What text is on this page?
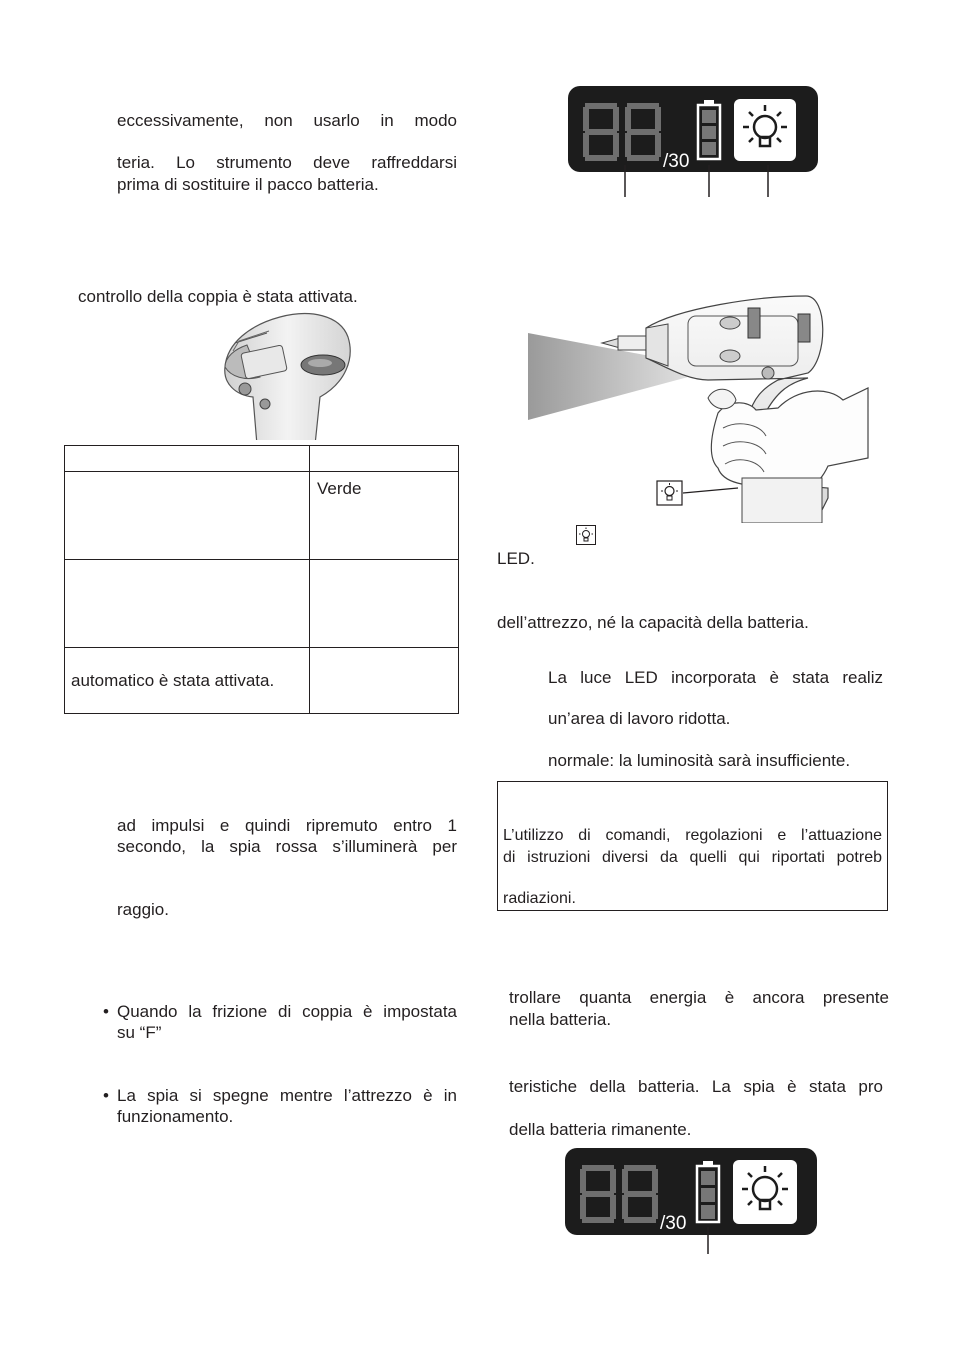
eccessivamente, non usarlo in modo
teria. Lo strumento deve raffreddarsi
prima di sostituire il pacco batteria.
controllo della coppia è stata attivata.

	Verde

automatico è stata attivata.	
ad impulsi e quindi ripremuto entro 1
secondo, la spia rossa s’illuminerà per
raggio.
• Quando la frizione di coppia è impostata
su “F”
• La spia si spegne mentre l’attrezzo è in
funzionamento.
/30
LED.
dell’attrezzo, né la capacità della batteria.
La luce LED incorporata è stata realiz
un’area di lavoro ridotta.
normale: la luminosità sarà insufficiente.
L’utilizzo di comandi, regolazioni e l’attuazione
di istruzioni diversi da quelli qui riportati potreb
radiazioni.
trollare quanta energia è ancora presente
nella batteria.
teristiche della batteria. La spia è stata pro
della batteria rimanente.
/30
